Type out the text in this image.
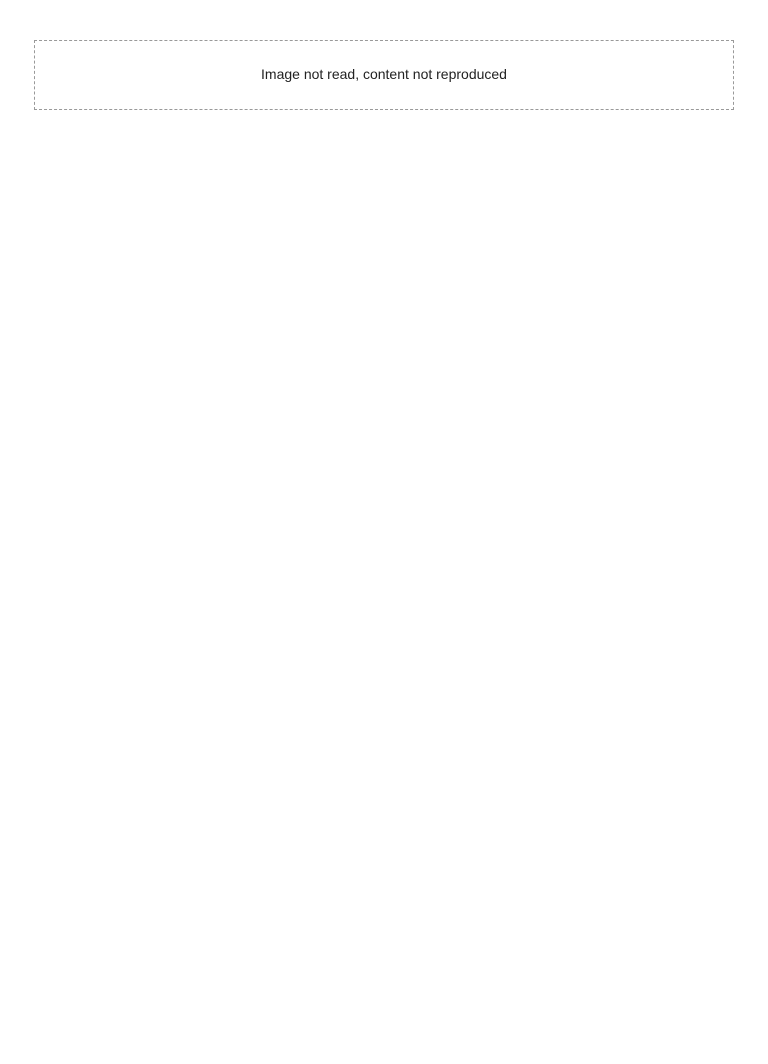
Image not read, content not reproduced
